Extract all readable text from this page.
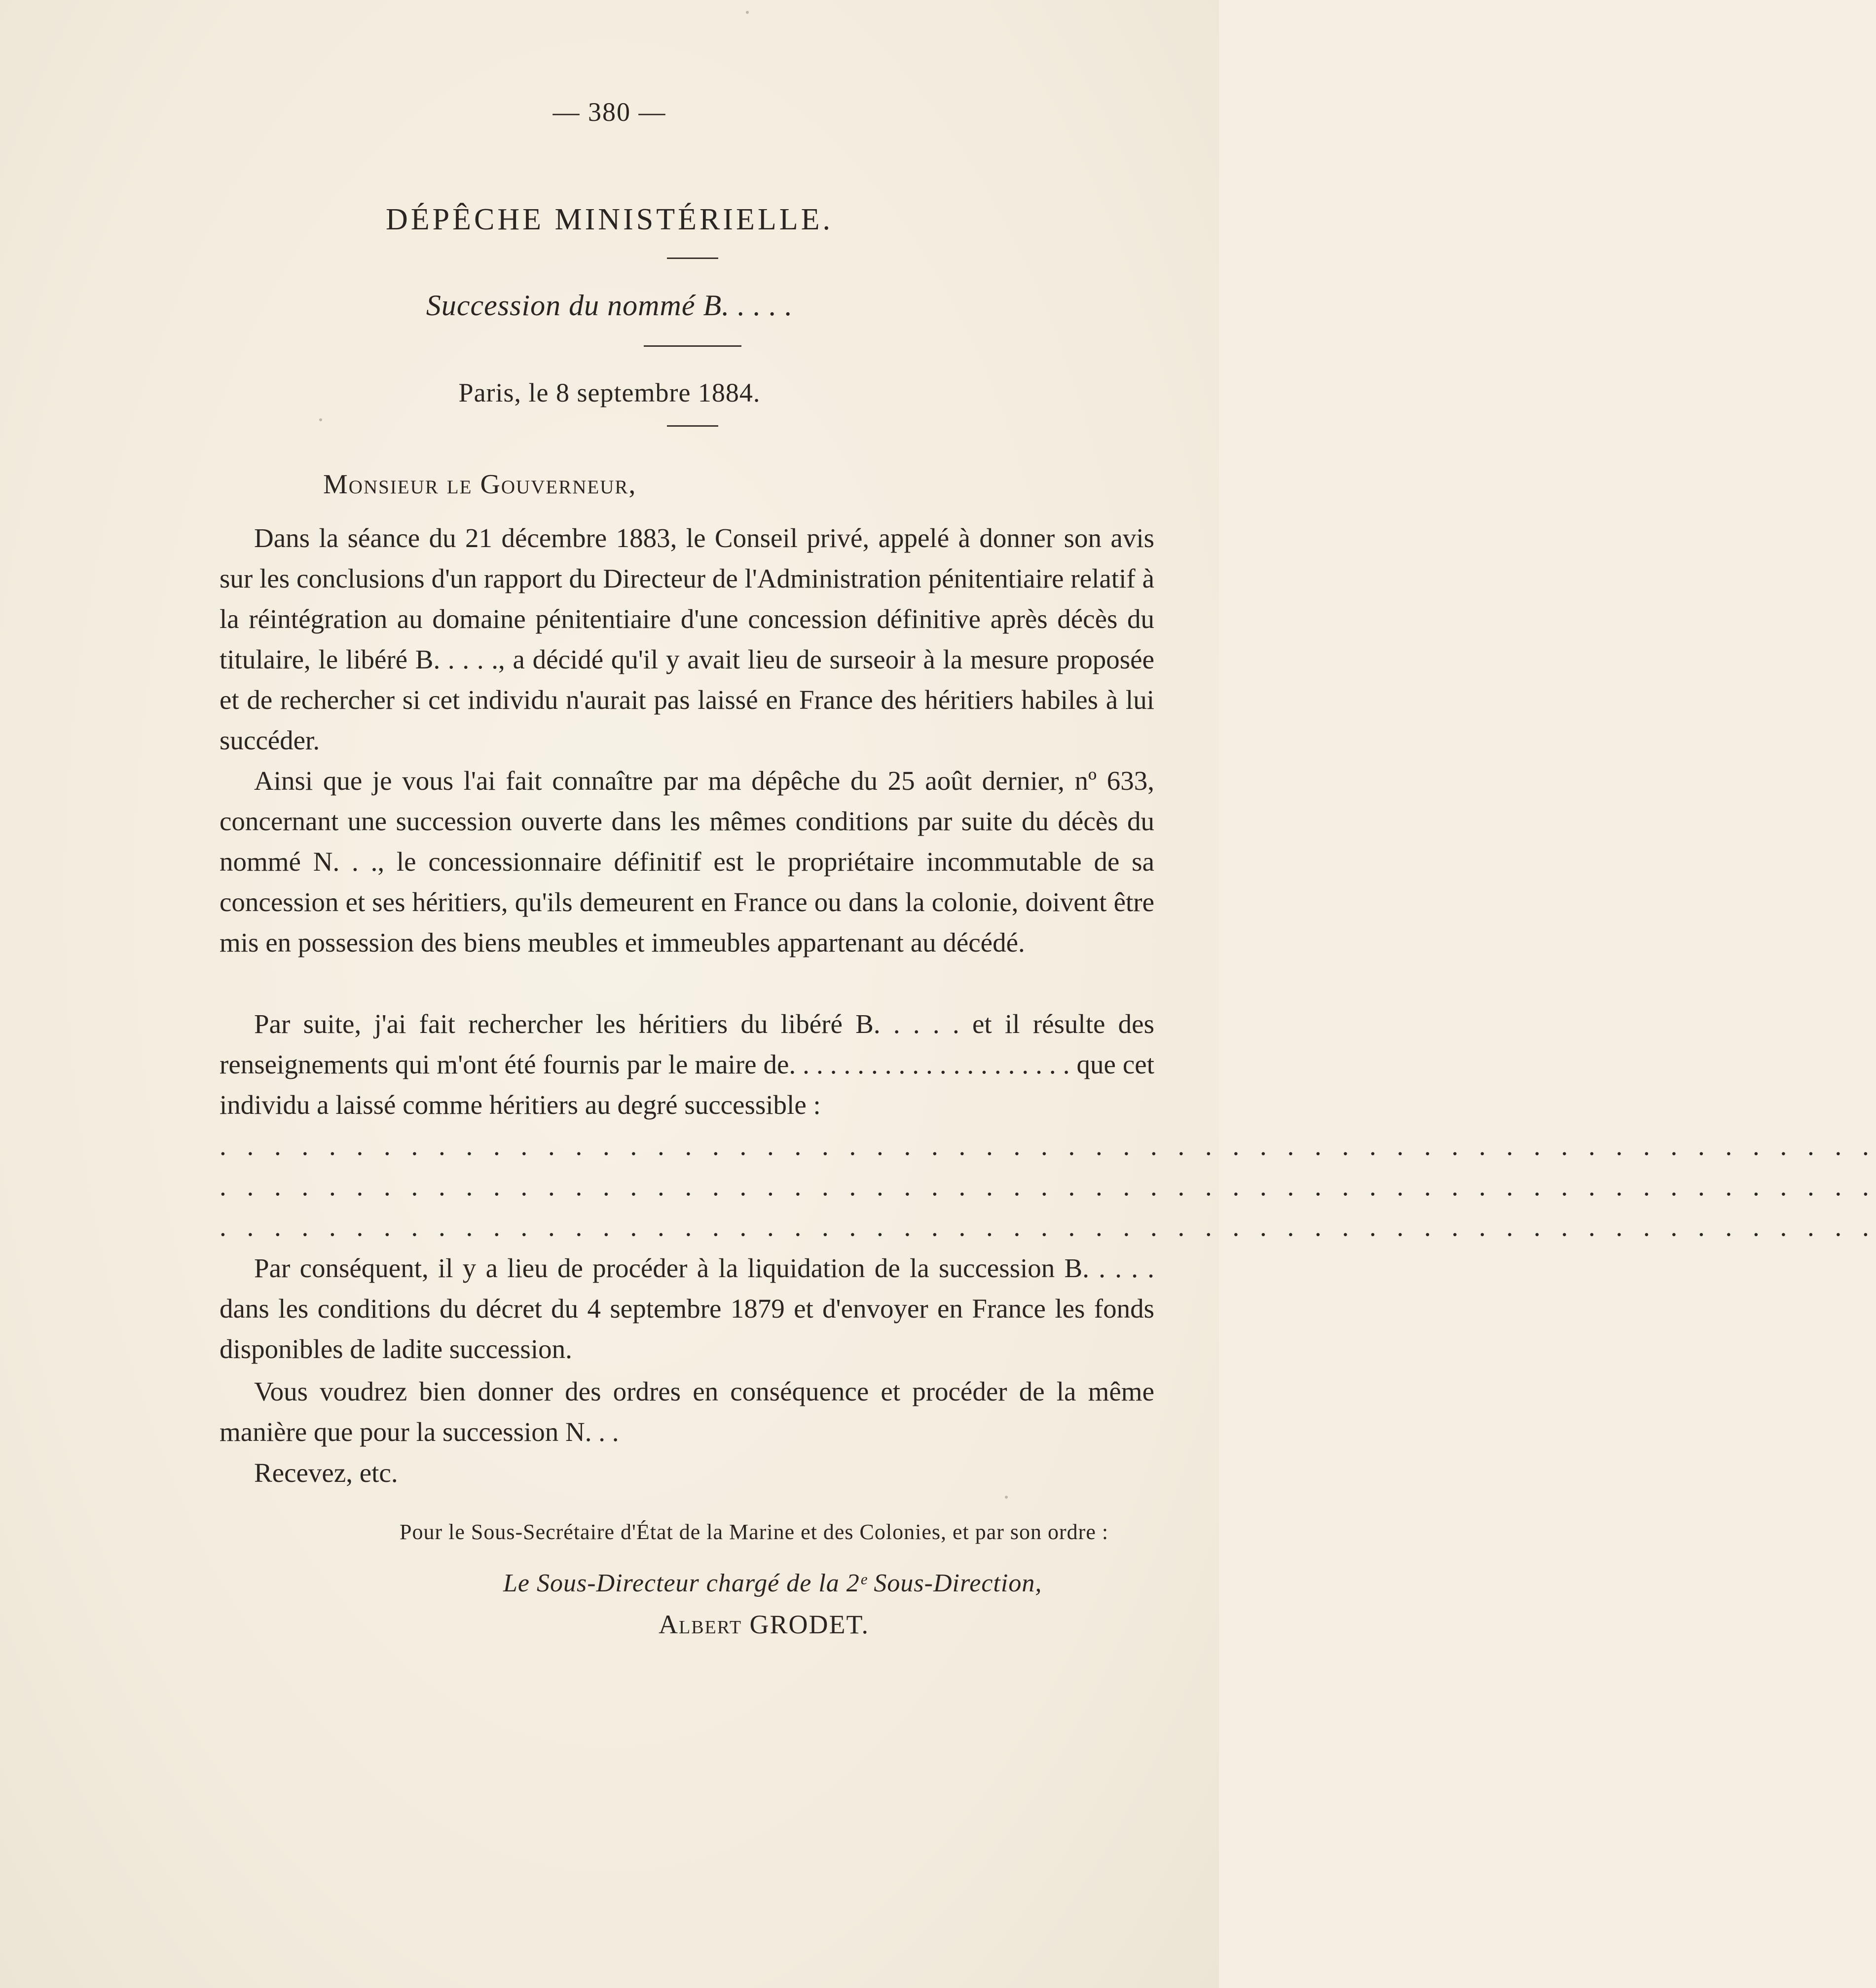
— 380 —
DÉPÊCHE MINISTÉRIELLE.
Succession du nommé B. . . . .
Paris, le 8 septembre 1884.
Monsieur le Gouverneur,

Dans la séance du 21 décembre 1883, le Conseil privé, appelé à donner son avis sur les conclusions d'un rapport du Directeur de l'Administration pénitentiaire relatif à la réintégration au domaine pénitentiaire d'une concession définitive après décès du titulaire, le libéré B. . . . ., a décidé qu'il y avait lieu de surseoir à la mesure proposée et de rechercher si cet individu n'aurait pas laissé en France des héritiers habiles à lui succéder.

Ainsi que je vous l'ai fait connaître par ma dépêche du 25 août dernier, nº 633, concernant une succession ouverte dans les mêmes conditions par suite du décès du nommé N. . ., le concessionnaire définitif est le propriétaire incommutable de sa concession et ses héritiers, qu'ils demeurent en France ou dans la colonie, doivent être mis en possession des biens meubles et immeubles appartenant au décédé.

Par suite, j'ai fait rechercher les héritiers du libéré B. . . . . et il résulte des renseignements qui m'ont été fournis par le maire de. . . . . . . . . . . . . . . . . . . . . que cet individu a laissé comme héritiers au degré successible :

. . . . . . . . . . . . . . . . . . . . . . . . . . . . . . . . . . . . . . . . . . . . . . . . . . . . . . . . . . . . .
. . . . . . . . . . . . . . . . . . . . . . . . . . . . . . . . . . . . . . . . . . . . . . . . . . . . . . . . . . . . .
. . . . . . . . . . . . . . . . . . . . . . . . . . . . . . . . . . . . . . . . . . . . . . . . . . . . . . . . . . . . .

Par conséquent, il y a lieu de procéder à la liquidation de la succession B. . . . . dans les conditions du décret du 4 septembre 1879 et d'envoyer en France les fonds disponibles de ladite succession.

Vous voudrez bien donner des ordres en conséquence et procéder de la même manière que pour la succession N. . .

Recevez, etc.

Pour le Sous-Secrétaire d'État de la Marine et des Colonies, et par son ordre :
Le Sous-Directeur chargé de la 2ᵉ Sous-Direction,
Albert GRODET.
